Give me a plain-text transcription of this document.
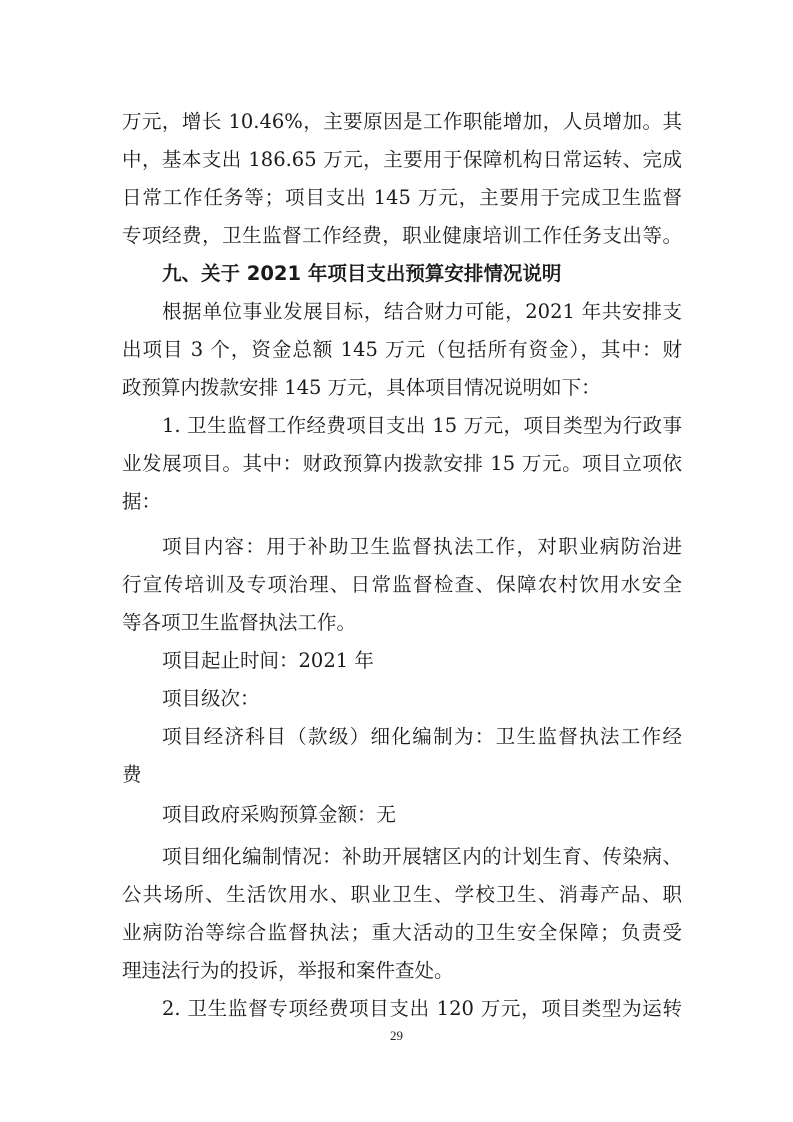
万元，增长 10.46%，主要原因是工作职能增加，人员增加。其
中，基本支出 186.65 万元，主要用于保障机构日常运转、完成
日常工作任务等；项目支出 145 万元，主要用于完成卫生监督
专项经费，卫生监督工作经费，职业健康培训工作任务支出等。
九、关于 2021 年项目支出预算安排情况说明
根据单位事业发展目标，结合财力可能，2021 年共安排支
出项目 3 个，资金总额 145 万元（包括所有资金），其中：财
政预算内拨款安排 145 万元，具体项目情况说明如下：
1. 卫生监督工作经费项目支出 15 万元，项目类型为行政事
业发展项目。其中：财政预算内拨款安排 15 万元。项目立项依
据：
项目内容：用于补助卫生监督执法工作，对职业病防治进
行宣传培训及专项治理、日常监督检查、保障农村饮用水安全
等各项卫生监督执法工作。
项目起止时间：2021 年
项目级次：
项目经济科目（款级）细化编制为：卫生监督执法工作经
费
项目政府采购预算金额：无
项目细化编制情况：补助开展辖区内的计划生育、传染病、
公共场所、生活饮用水、职业卫生、学校卫生、消毒产品、职
业病防治等综合监督执法；重大活动的卫生安全保障；负责受
理违法行为的投诉，举报和案件查处。
2. 卫生监督专项经费项目支出 120 万元，项目类型为运转
29
